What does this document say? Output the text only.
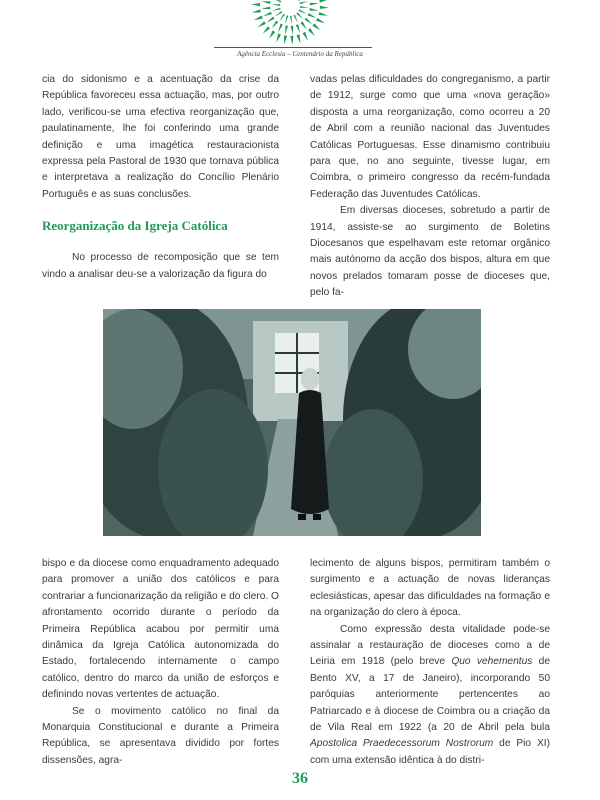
Agência Ecclesia – Centenário da República

cia do sidonismo e a acentuação da crise da República favoreceu essa actuação, mas, por outro lado, verificou-se uma efectiva reorganização que, paulatinamente, lhe foi conferindo uma grande definição e uma imagética restauracionista expressa pela Pastoral de 1930 que tornava pública e interpretava a realização do Concílio Plenário Português e as suas conclusões.

Reorganização da Igreja Católica

No processo de recomposição que se tem vindo a analisar deu-se a valorização da figura do

vadas pelas dificuldades do congreganismo, a partir de 1912, surge como que uma «nova geração» disposta a uma reorganização, como ocorreu a 20 de Abril com a reunião nacional das Juventudes Católicas Portuguesas. Esse dinamismo contribuiu para que, no ano seguinte, tivesse lugar, em Coimbra, o primeiro congresso da recém-fundada Federação das Juventudes Católicas.

Em diversas dioceses, sobretudo a partir de 1914, assiste-se ao surgimento de Boletins Diocesanos que espelhavam este retomar orgânico mais autónomo da acção dos bispos, altura em que novos prelados tomaram posse de dioceses que, pelo fa-

bispo e da diocese como enquadramento adequado para promover a união dos católicos e para contrariar a funcionarização da religião e do clero. O afrontamento ocorrido durante o período da Primeira República acabou por permitir uma dinâmica da Igreja Católica autonomizada do Estado, fortalecendo internamente o campo católico, dentro do marco da união de esforços e definindo novas vertentes de actuação.

Se o movimento católico no final da Monarquia Constitucional e durante a Primeira República, se apresentava dividido por fortes dissensões, agra-

lecimento de alguns bispos, permitiram também o surgimento e a actuação de novas lideranças eclesiásticas, apesar das dificuldades na formação e na organização do clero à época.

Como expressão desta vitalidade pode-se assinalar a restauração de dioceses como a de Leiria em 1918 (pelo breve Quo vehementus de Bento XV, a 17 de Janeiro), incorporando 50 paróquias anteriormente pertencentes ao Patriarcado e à diocese de Coimbra ou a criação da de Vila Real em 1922 (a 20 de Abril pela bula Apostolica Praedecessorum Nostrorum de Pio XI) com uma extensão idêntica à do distri-

36
